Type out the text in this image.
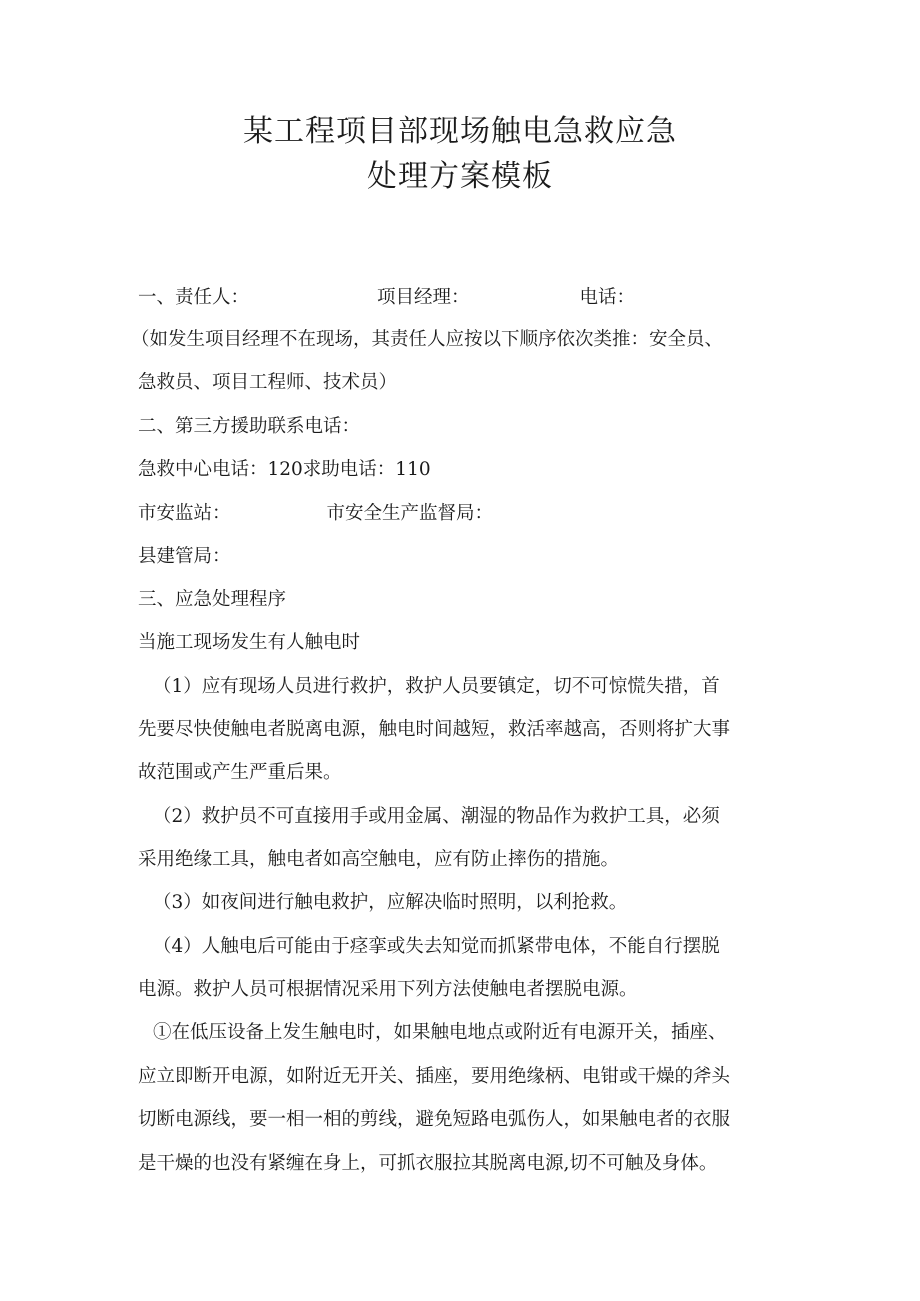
某工程项目部现场触电急救应急
处理方案模板
一、责任人：	项目经理：	电话：
（如发生项目经理不在现场，其责任人应按以下顺序依次类推：安全员、
急救员、项目工程师、技术员）
二、第三方援助联系电话：
急救中心电话：120求助电话：110
市安监站：	市安全生产监督局：
县建管局：
三、应急处理程序
当施工现场发生有人触电时
（1）应有现场人员进行救护，救护人员要镇定，切不可惊慌失措，首
先要尽快使触电者脱离电源，触电时间越短，救活率越高，否则将扩大事
故范围或产生严重后果。
（2）救护员不可直接用手或用金属、潮湿的物品作为救护工具，必须
采用绝缘工具，触电者如高空触电，应有防止摔伤的措施。
（3）如夜间进行触电救护，应解决临时照明，以利抢救。
（4）人触电后可能由于痉挛或失去知觉而抓紧带电体，不能自行摆脱
电源。救护人员可根据情况采用下列方法使触电者摆脱电源。
①在低压设备上发生触电时，如果触电地点或附近有电源开关，插座、
应立即断开电源，如附近无开关、插座，要用绝缘柄、电钳或干燥的斧头
切断电源线，要一相一相的剪线，避免短路电弧伤人，如果触电者的衣服
是干燥的也没有紧缠在身上，可抓衣服拉其脱离电源,切不可触及身体。
